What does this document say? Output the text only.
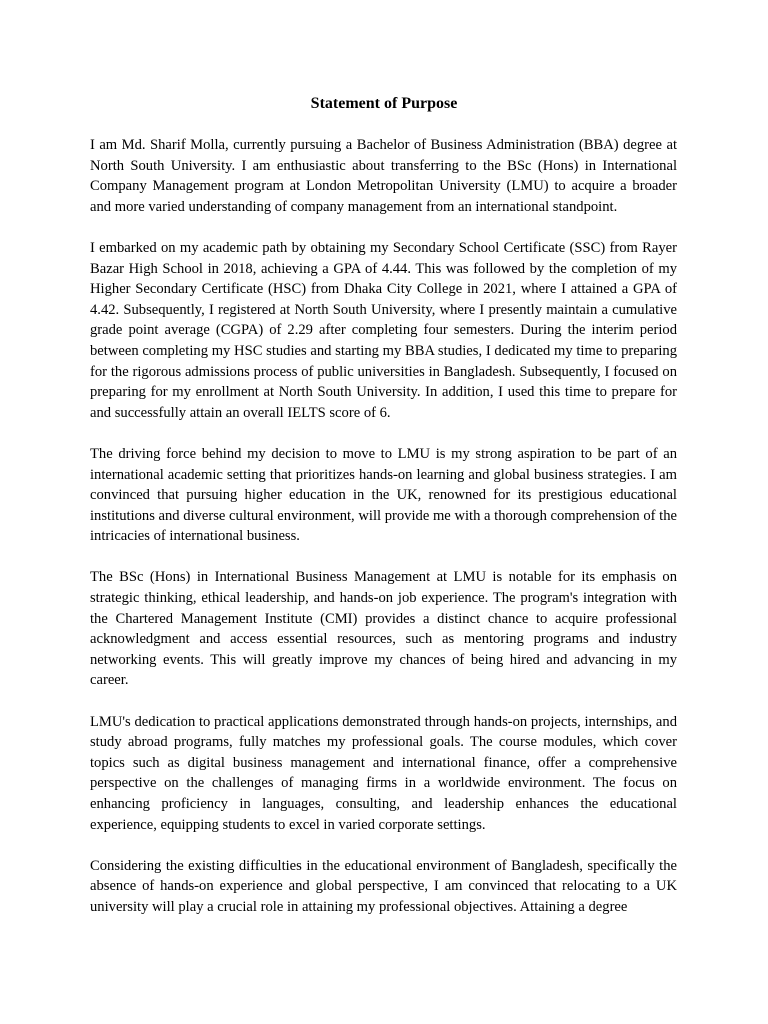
Statement of Purpose

I am Md. Sharif Molla, currently pursuing a Bachelor of Business Administration (BBA) degree at North South University. I am enthusiastic about transferring to the BSc (Hons) in International Company Management program at London Metropolitan University (LMU) to acquire a broader and more varied understanding of company management from an international standpoint.

I embarked on my academic path by obtaining my Secondary School Certificate (SSC) from Rayer Bazar High School in 2018, achieving a GPA of 4.44. This was followed by the completion of my Higher Secondary Certificate (HSC) from Dhaka City College in 2021, where I attained a GPA of 4.42. Subsequently, I registered at North South University, where I presently maintain a cumulative grade point average (CGPA) of 2.29 after completing four semesters. During the interim period between completing my HSC studies and starting my BBA studies, I dedicated my time to preparing for the rigorous admissions process of public universities in Bangladesh. Subsequently, I focused on preparing for my enrollment at North South University. In addition, I used this time to prepare for and successfully attain an overall IELTS score of 6.

The driving force behind my decision to move to LMU is my strong aspiration to be part of an international academic setting that prioritizes hands-on learning and global business strategies. I am convinced that pursuing higher education in the UK, renowned for its prestigious educational institutions and diverse cultural environment, will provide me with a thorough comprehension of the intricacies of international business.

The BSc (Hons) in International Business Management at LMU is notable for its emphasis on strategic thinking, ethical leadership, and hands-on job experience. The program's integration with the Chartered Management Institute (CMI) provides a distinct chance to acquire professional acknowledgment and access essential resources, such as mentoring programs and industry networking events. This will greatly improve my chances of being hired and advancing in my career.

LMU's dedication to practical applications demonstrated through hands-on projects, internships, and study abroad programs, fully matches my professional goals. The course modules, which cover topics such as digital business management and international finance, offer a comprehensive perspective on the challenges of managing firms in a worldwide environment. The focus on enhancing proficiency in languages, consulting, and leadership enhances the educational experience, equipping students to excel in varied corporate settings.

Considering the existing difficulties in the educational environment of Bangladesh, specifically the absence of hands-on experience and global perspective, I am convinced that relocating to a UK university will play a crucial role in attaining my professional objectives. Attaining a degree
